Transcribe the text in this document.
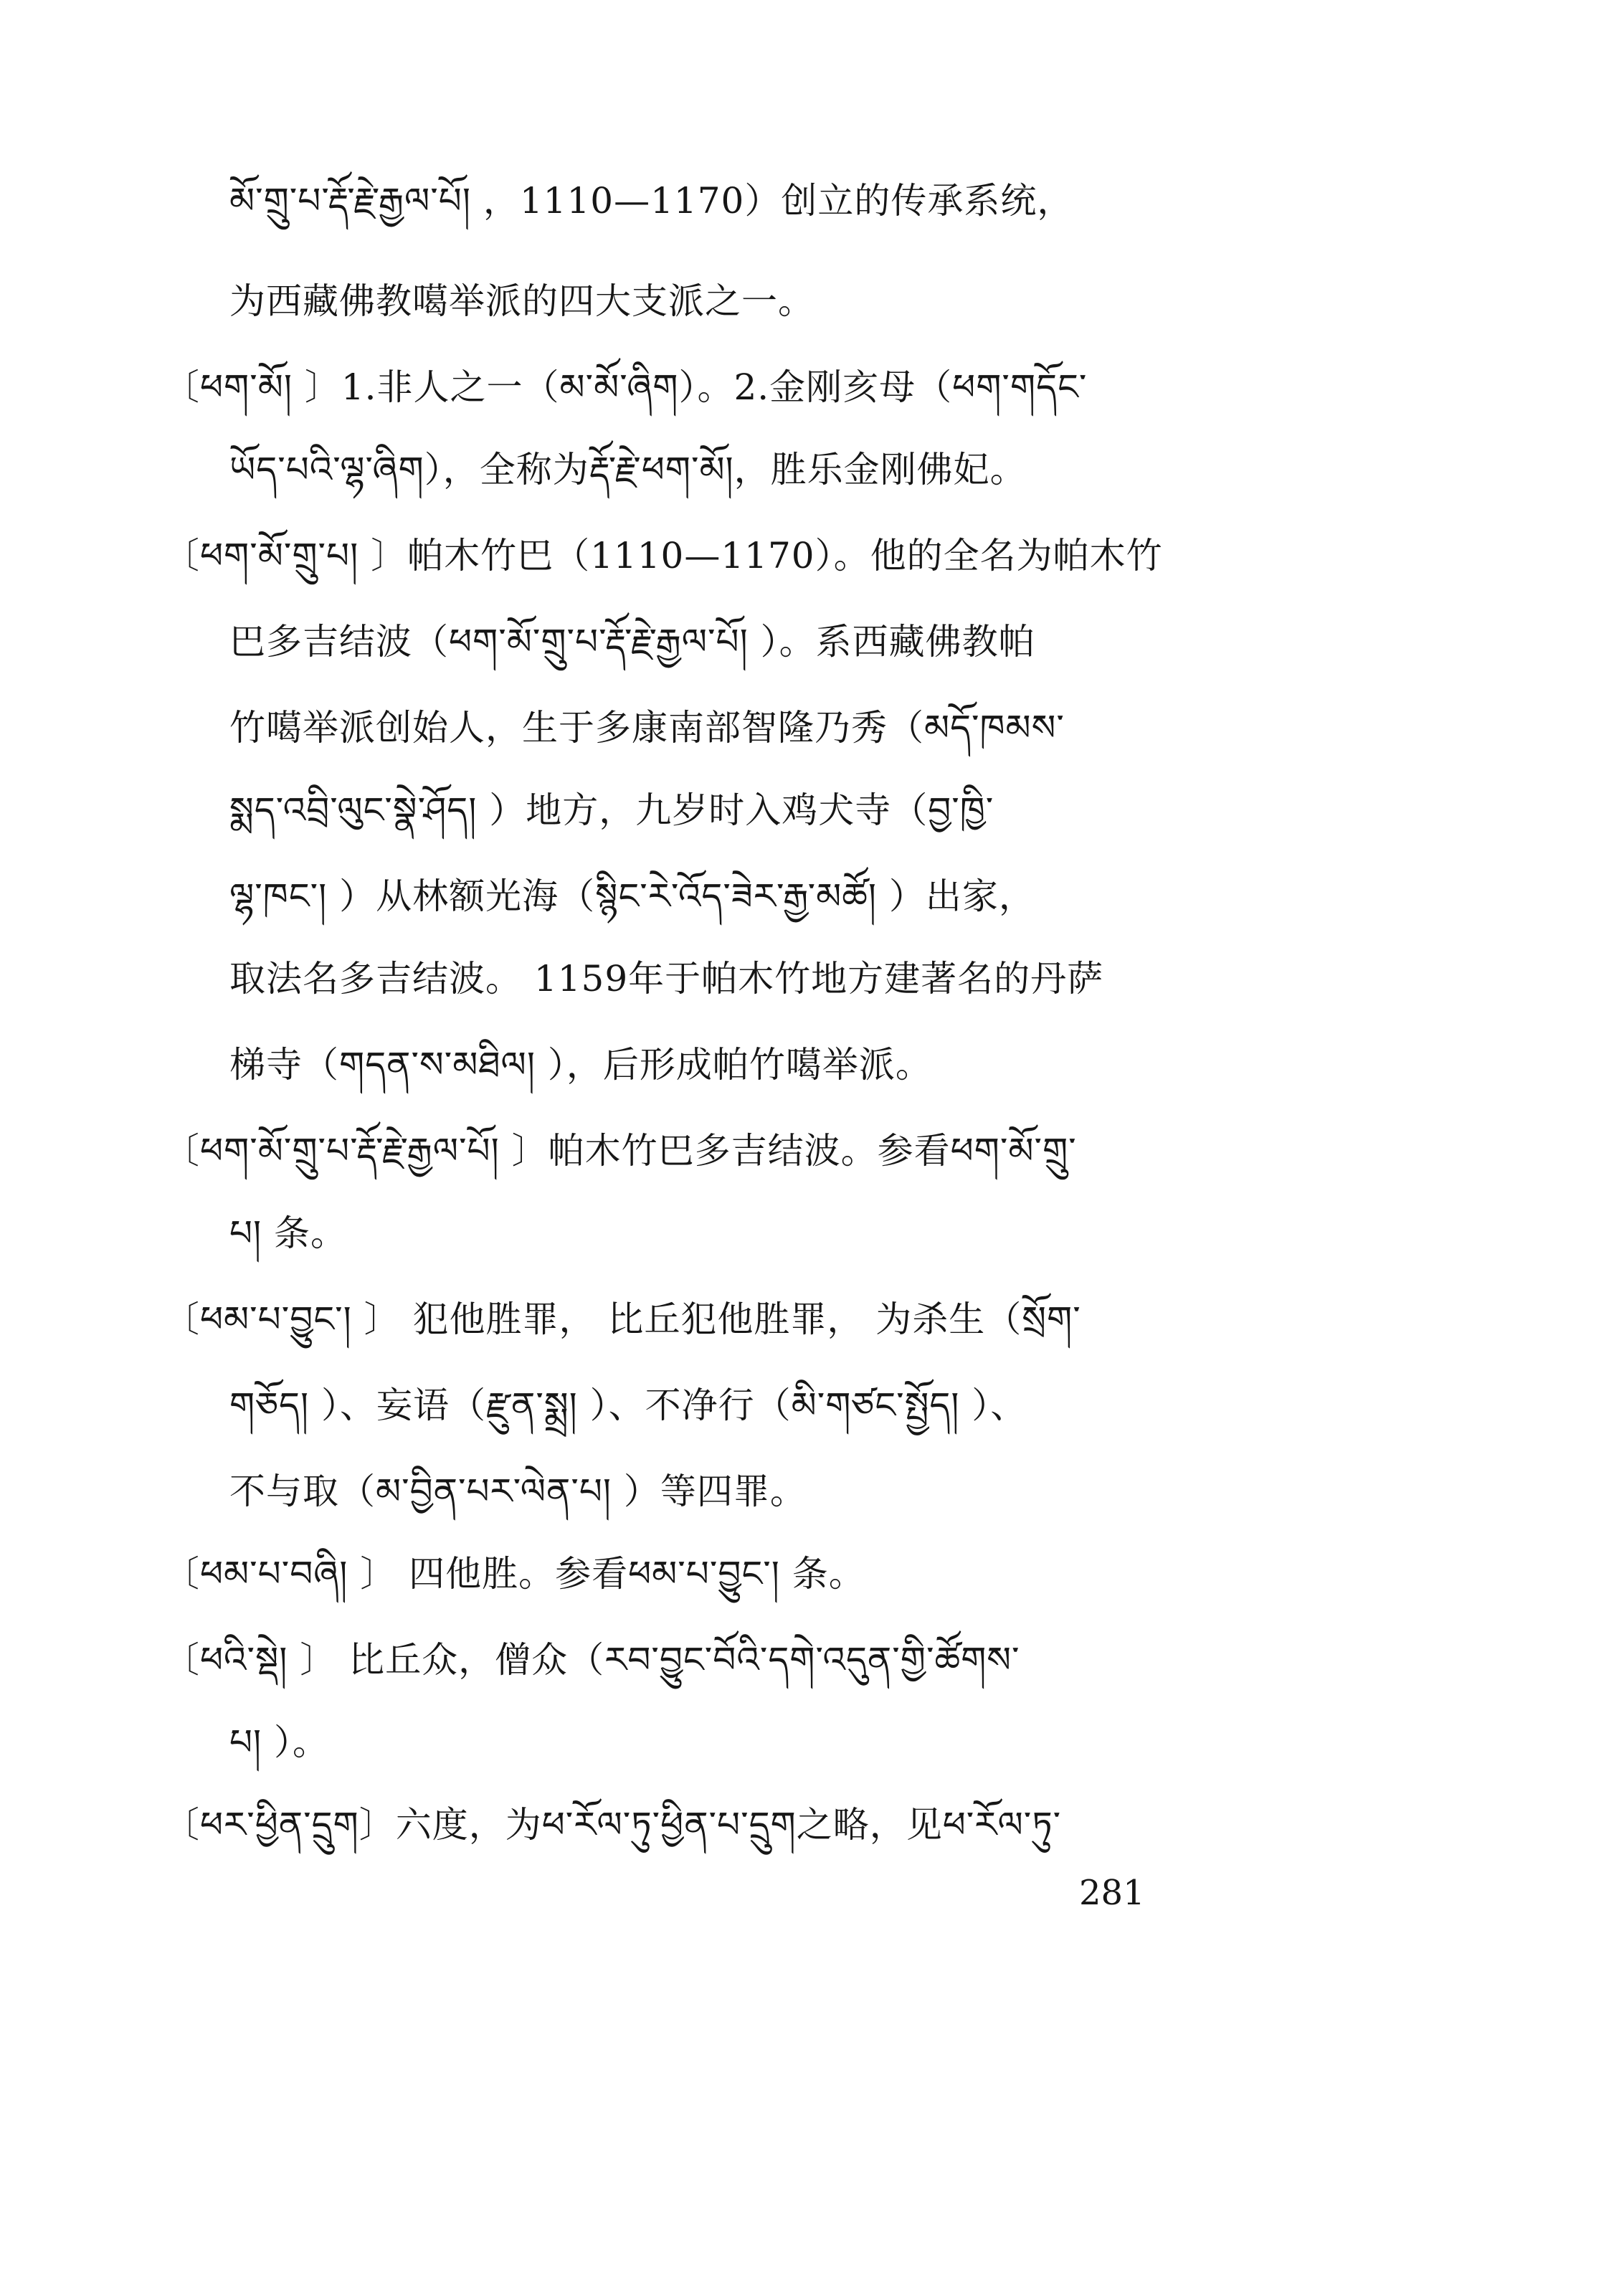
མོ་གྲུ་པ་རྡོ་རྗེ་རྒྱལ་པོ། ，1110—1170）创立的传承系统，
为西藏佛教噶举派的四大支派之一。
〔ཕག་མོ། 〕1.非人之一（མ་མོ་ཞིག）。2.金刚亥母（ཕག་གདོང་
ཡོད་པའི་ལྷ་ཞིག），全称为རྡོ་རྗེ་ཕག་མོ།，胜乐金刚佛妃。
〔ཕག་མོ་གྲུ་པ། 〕帕木竹巴（1110—1170）。他的全名为帕木竹
巴多吉结波（ཕག་མོ་གྲུ་པ་རྡོ་རྗེ་རྒྱལ་པོ། ）。系西藏佛教帕
竹噶举派创始人，生于多康南部智隆乃秀（མདོ་ཁམས་
སྨད་འབྲི་ལུང་སྣེ་ཤོད། ）地方，九岁时入鸡犬寺（བྱ་ཁྱི་
ལྷ་ཁང་། ）从林额光海（སྙིང་རེ་འོད་ཟེར་རྒྱ་མཚོ། ）出家，
取法名多吉结波。 1159年于帕木竹地方建著名的丹萨
梯寺（གདན་ས་མཐིལ། ），后形成帕竹噶举派。
〔ཕག་མོ་གྲུ་པ་རྡོ་རྗེ་རྒྱལ་པོ། 〕帕木竹巴多吉结波。参看ཕག་མོ་གྲུ་
པ། 条。
〔ཕམ་པ་བྱུང་། 〕 犯他胜罪， 比丘犯他胜罪， 为杀生（སྲོག་
གཅོད། ）、妄语（རྫུན་སྨྲ། ）、不净行（མི་གཙང་སྤྱོད། ）、
不与取（མ་བྱིན་པར་ལེན་པ། ）等四罪。
〔ཕམ་པ་བཞི། 〕 四他胜。参看ཕམ་པ་བྱུང་། 条。
〔ཕའི་སྡེ། 〕 比丘众，僧众（རབ་བྱུང་བོའི་དགེ་འདུན་གྱི་ཚོགས་
པ། ）。
〔ཕར་ཕྱིན་དྲུག〕六度，为ཕ་རོལ་ཏུ་ཕྱིན་པ་དྲུག之略，见ཕ་རོལ་ཏུ་
281
